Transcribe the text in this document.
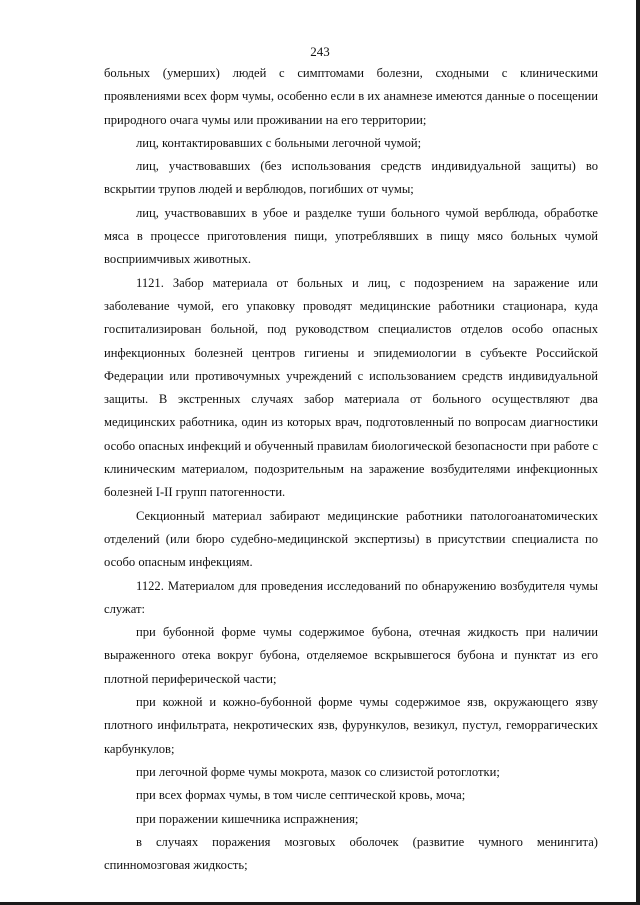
243

больных (умерших) людей с симптомами болезни, сходными с клиническими проявлениями всех форм чумы, особенно если в их анамнезе имеются данные о посещении природного очага чумы или проживании на его территории;

лиц, контактировавших с больными легочной чумой;

лиц, участвовавших (без использования средств индивидуальной защиты) во вскрытии трупов людей и верблюдов, погибших от чумы;

лиц, участвовавших в убое и разделке туши больного чумой верблюда, обработке мяса в процессе приготовления пищи, употреблявших в пищу мясо больных чумой восприимчивых животных.

1121. Забор материала от больных и лиц, с подозрением на заражение или заболевание чумой, его упаковку проводят медицинские работники стационара, куда госпитализирован больной, под руководством специалистов отделов особо опасных инфекционных болезней центров гигиены и эпидемиологии в субъекте Российской Федерации или противочумных учреждений с использованием средств индивидуальной защиты. В экстренных случаях забор материала от больного осуществляют два медицинских работника, один из которых врач, подготовленный по вопросам диагностики особо опасных инфекций и обученный правилам биологической безопасности при работе с клиническим материалом, подозрительным на заражение возбудителями инфекционных болезней I-II групп патогенности.

Секционный материал забирают медицинские работники патологоанатомических отделений (или бюро судебно-медицинской экспертизы) в присутствии специалиста по особо опасным инфекциям.

1122. Материалом для проведения исследований по обнаружению возбудителя чумы служат:

при бубонной форме чумы содержимое бубона, отечная жидкость при наличии выраженного отека вокруг бубона, отделяемое вскрывшегося бубона и пунктат из его плотной периферической части;

при кожной и кожно-бубонной форме чумы содержимое язв, окружающего язву плотного инфильтрата, некротических язв, фурункулов, везикул, пустул, геморрагических карбункулов;

при легочной форме чумы мокрота, мазок со слизистой ротоглотки;

при всех формах чумы, в том числе септической кровь, моча;

при поражении кишечника испражнения;

в случаях поражения мозговых оболочек (развитие чумного менингита) спинномозговая жидкость;
